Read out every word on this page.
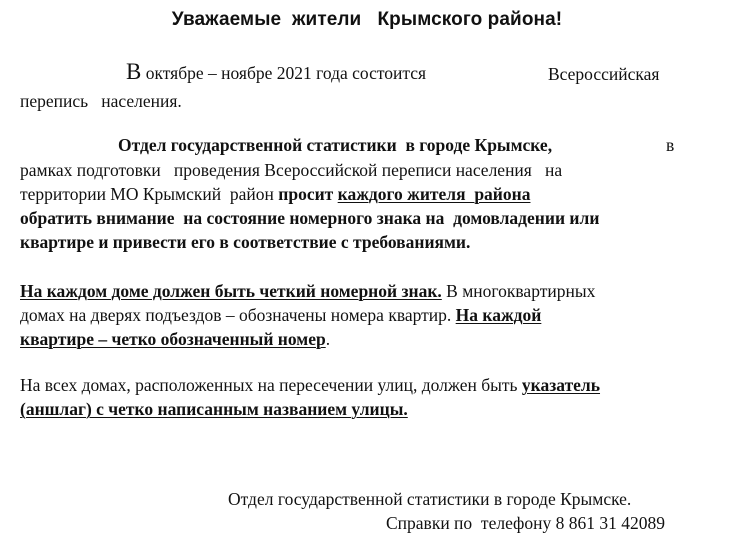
Уважаемые  жители   Крымского района!
В октябре – ноябре 2021 года состоится	Всероссийская
перепись   населения.
Отдел государственной статистики  в городе Крымске,	в
рамках подготовки   проведения Всероссийской переписи населения   на
территории МО Крымский  район просит каждого жителя  района
обратить внимание  на состояние номерного знака на  домовладении или
квартире и привести его в соответствие с требованиями.
На каждом доме должен быть четкий номерной знак. В многоквартирных
домах на дверях подъездов – обозначены номера квартир. На каждой
квартире – четко обозначенный номер.
На всех домах, расположенных на пересечении улиц, должен быть указатель
(аншлаг) с четко написанным названием улицы.
Отдел государственной статистики в городе Крымске.
Справки по  телефону 8 861 31 42089
